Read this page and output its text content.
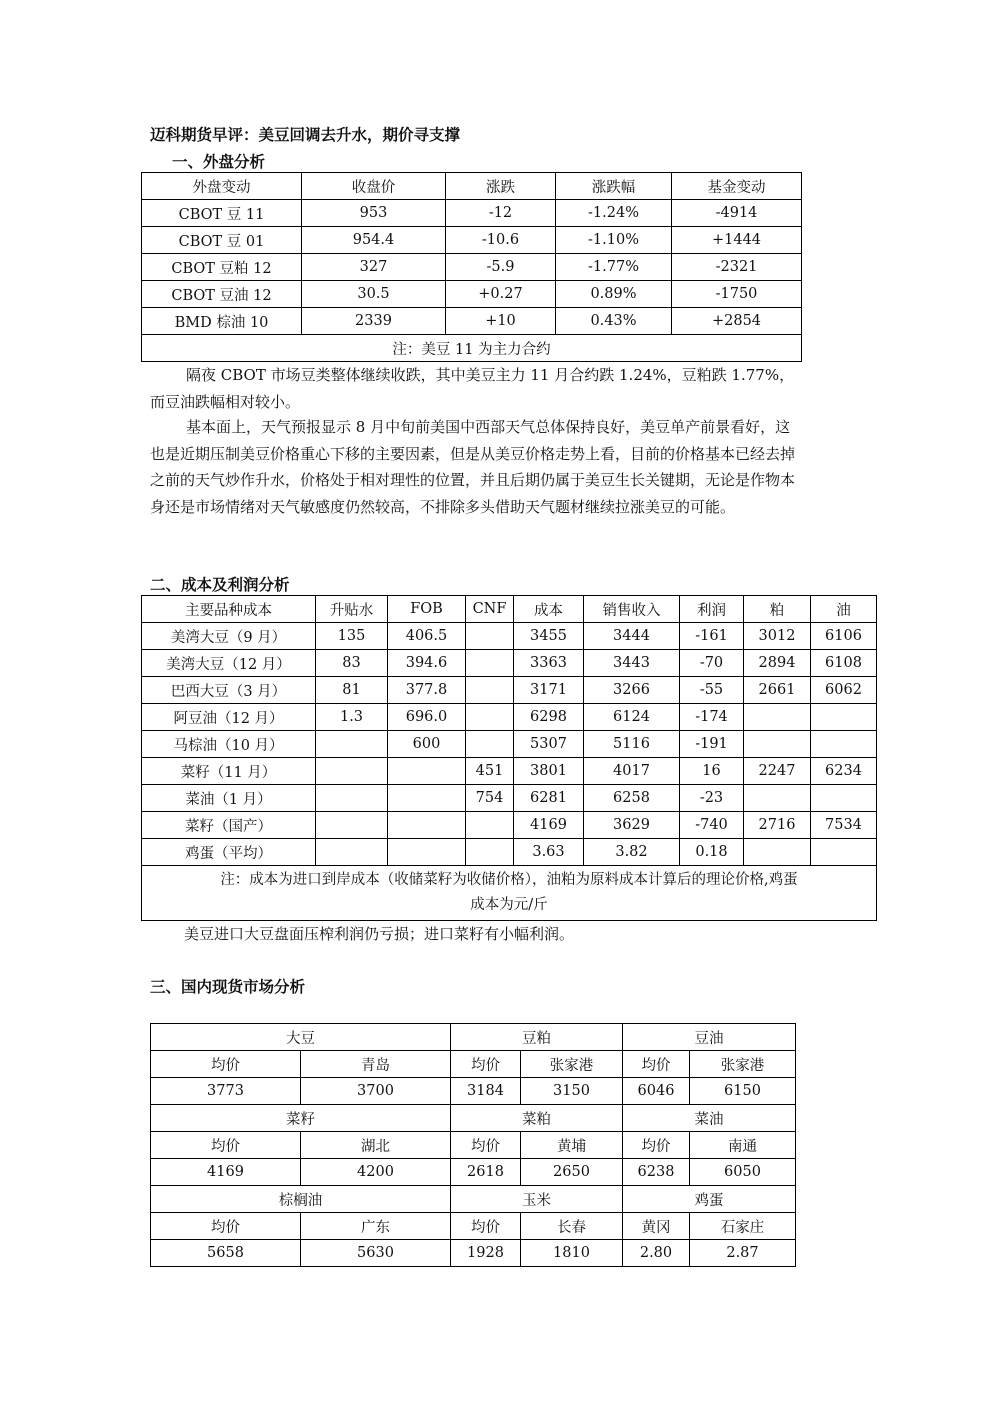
迈科期货早评：美豆回调去升水，期价寻支撑
一、外盘分析
外盘变动	收盘价	涨跌	涨跌幅	基金变动
CBOT 豆 11	953	-12	-1.24%	-4914
CBOT 豆 01	954.4	-10.6	-1.10%	+1444
CBOT 豆粕 12	327	-5.9	-1.77%	-2321
CBOT 豆油 12	30.5	+0.27	0.89%	-1750
BMD 棕油 10	2339	+10	0.43%	+2854
注：美豆 11 为主力合约				
隔夜 CBOT 市场豆类整体继续收跌，其中美豆主力 11 月合约跌 1.24%，豆粕跌 1.77%，而豆油跌幅相对较小。
基本面上，天气预报显示 8 月中旬前美国中西部天气总体保持良好，美豆单产前景看好，这也是近期压制美豆价格重心下移的主要因素，但是从美豆价格走势上看，目前的价格基本已经去掉之前的天气炒作升水，价格处于相对理性的位置，并且后期仍属于美豆生长关键期，无论是作物本身还是市场情绪对天气敏感度仍然较高，不排除多头借助天气题材继续拉涨美豆的可能。
二、成本及利润分析
主要品种成本	升贴水	FOB	CNF	成本	销售收入	利润	粕	油
美湾大豆（9 月）	135	406.5		3455	3444	-161	3012	6106
美湾大豆（12 月）	83	394.6		3363	3443	-70	2894	6108
巴西大豆（3 月）	81	377.8		3171	3266	-55	2661	6062
阿豆油（12 月）	1.3	696.0		6298	6124	-174		
马棕油（10 月）		600		5307	5116	-191		
菜籽（11 月）			451	3801	4017	16	2247	6234
菜油（1 月）			754	6281	6258	-23		
菜籽（国产）				4169	3629	-740	2716	7534
鸡蛋（平均）				3.63	3.82	0.18		

注：成本为进口到岸成本（收储菜籽为收储价格），油粕为原料成本计算后的理论价格,鸡蛋
成本为元/斤								
美豆进口大豆盘面压榨利润仍亏损；进口菜籽有小幅利润。
三、国内现货市场分析
大豆		豆粕		豆油	
均价	青岛	均价	张家港	均价	张家港
3773	3700	3184	3150	6046	6150
菜籽		菜粕		菜油	
均价	湖北	均价	黄埔	均价	南通
4169	4200	2618	2650	6238	6050
棕榈油		玉米		鸡蛋	
均价	广东	均价	长春	黄冈	石家庄
5658	5630	1928	1810	2.80	2.87
